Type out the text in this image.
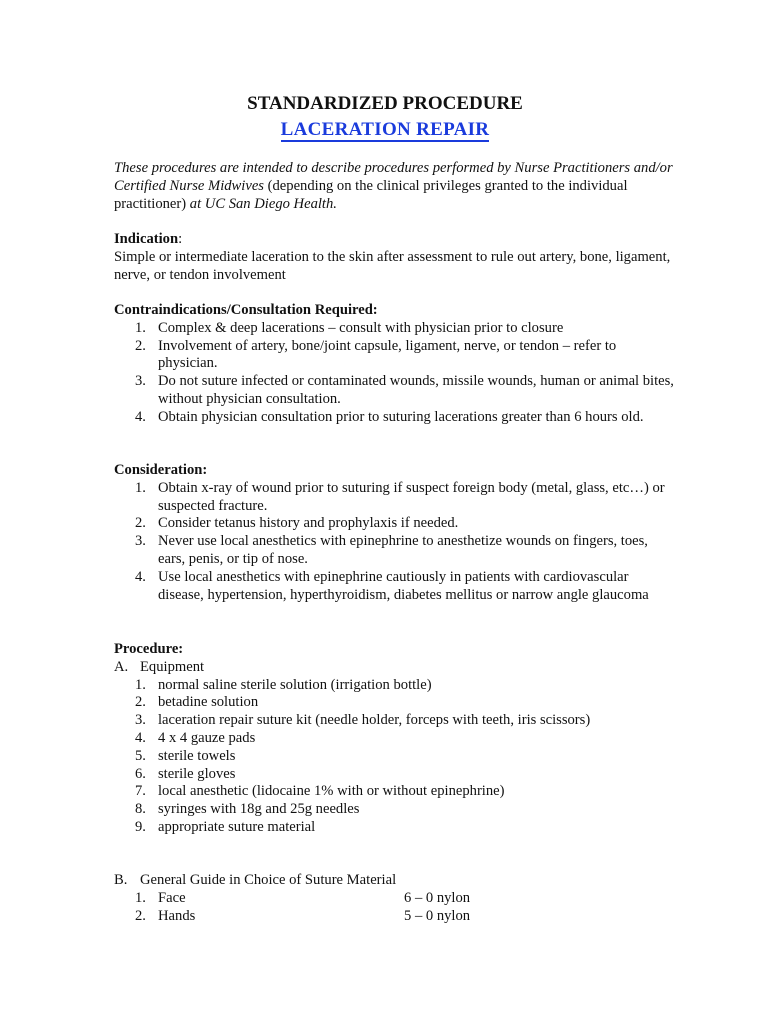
STANDARDIZED PROCEDURE
LACERATION REPAIR
These procedures are intended to describe procedures performed by Nurse Practitioners and/or Certified Nurse Midwives (depending on the clinical privileges granted to the individual practitioner) at UC San Diego Health.
Indication:
Simple or intermediate laceration to the skin after assessment to rule out artery, bone, ligament, nerve, or tendon involvement
Contraindications/Consultation Required:
1. Complex & deep lacerations – consult with physician prior to closure
2. Involvement of artery, bone/joint capsule, ligament, nerve, or tendon – refer to physician.
3. Do not suture infected or contaminated wounds, missile wounds, human or animal bites, without physician consultation.
4. Obtain physician consultation prior to suturing lacerations greater than 6 hours old.
Consideration:
1. Obtain x-ray of wound prior to suturing if suspect foreign body (metal, glass, etc…) or suspected fracture.
2. Consider tetanus history and prophylaxis if needed.
3. Never use local anesthetics with epinephrine to anesthetize wounds on fingers, toes, ears, penis, or tip of nose.
4. Use local anesthetics with epinephrine cautiously in patients with cardiovascular disease, hypertension, hyperthyroidism, diabetes mellitus or narrow angle glaucoma
Procedure:
A. Equipment
1. normal saline sterile solution (irrigation bottle)
2. betadine solution
3. laceration repair suture kit (needle holder, forceps with teeth, iris scissors)
4. 4 x 4 gauze pads
5. sterile towels
6. sterile gloves
7. local anesthetic (lidocaine 1% with or without epinephrine)
8. syringes with 18g and 25g needles
9. appropriate suture material
B. General Guide in Choice of Suture Material
1. Face	6 – 0 nylon
2. Hands	5 – 0 nylon
